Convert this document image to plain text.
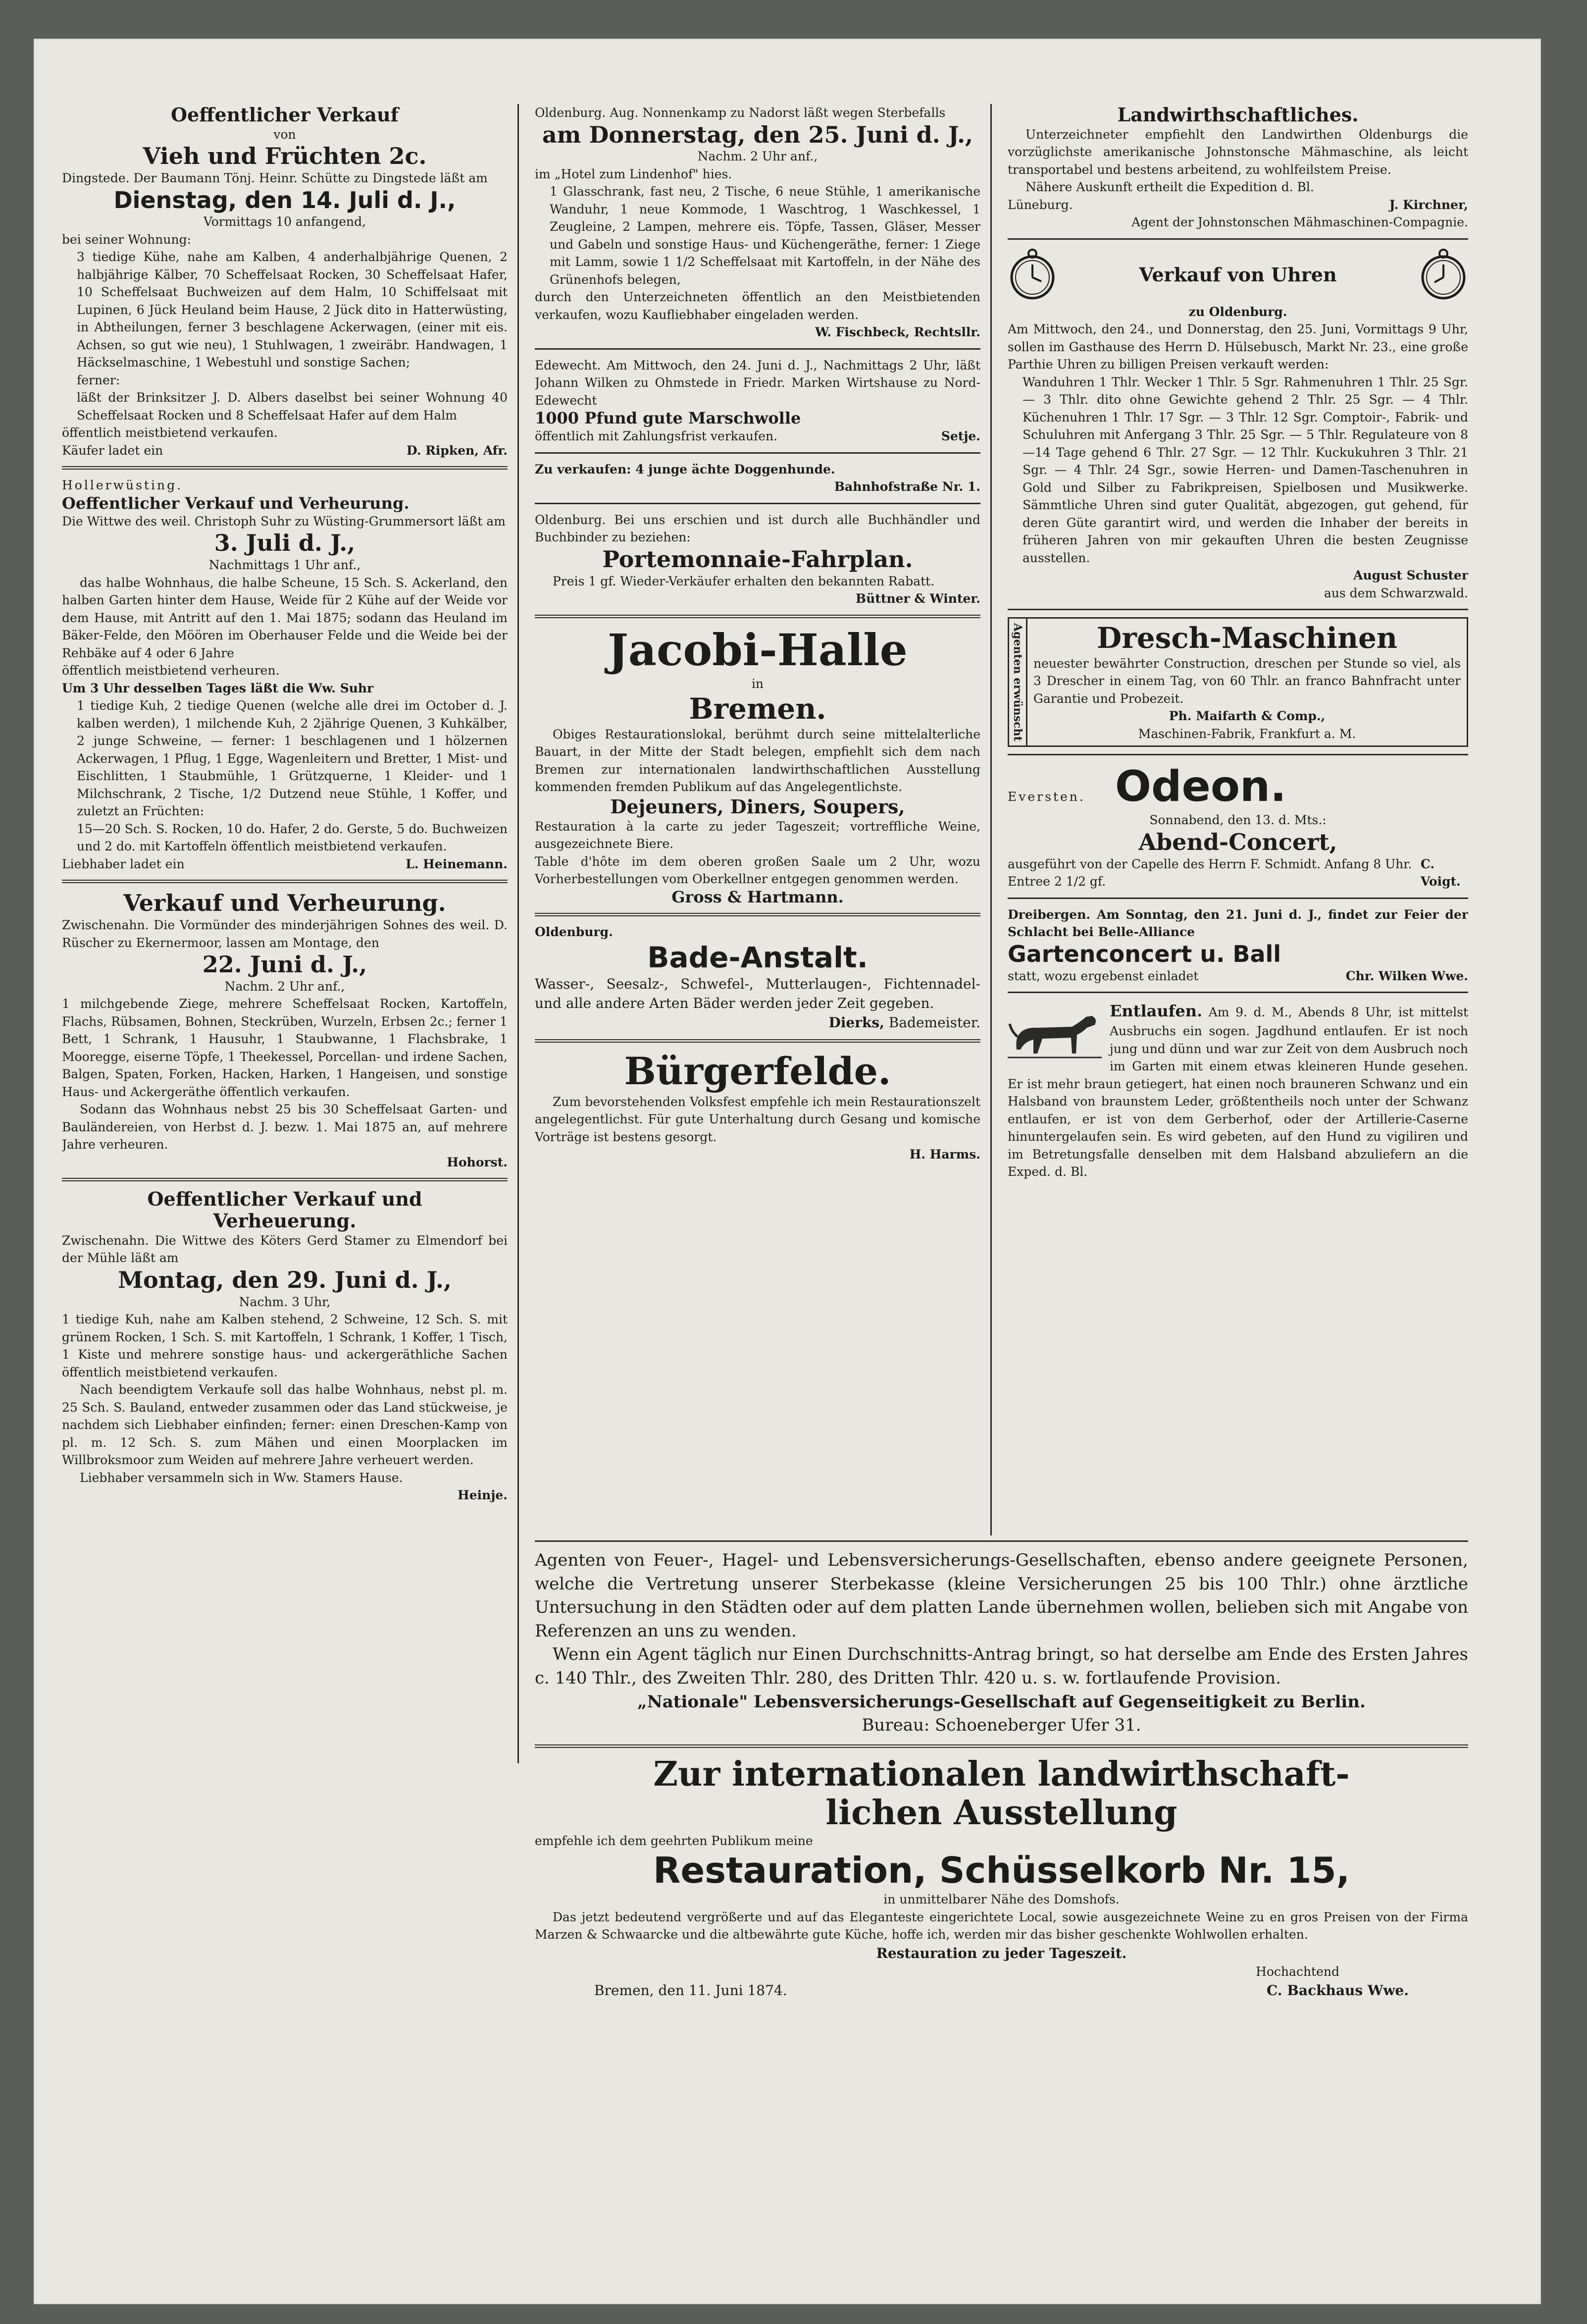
Oeffentlicher Verkauf

von

Vieh und Früchten 2c.

Dingstede. Der Baumann Tönj. Heinr. Schütte zu Dingstede läßt am

Dienstag, den 14. Juli d. J.,

Vormittags 10 anfangend,

bei seiner Wohnung:

3 tiedige Kühe, nahe am Kalben, 4 anderhalbjährige Quenen, 2 halbjährige Kälber, 70 Scheffelsaat Rocken, 30 Scheffelsaat Hafer, 10 Scheffelsaat Buchweizen auf dem Halm, 10 Schiffelsaat mit Lupinen, 6 Jück Heuland beim Hause, 2 Jück dito in Hatterwüsting, in Abtheilungen, ferner 3 beschlagene Ackerwagen, (einer mit eis. Achsen, so gut wie neu), 1 Stuhlwagen, 1 zweiräbr. Handwagen, 1 Häckselmaschine, 1 Webestuhl und sonstige Sachen;

ferner:

läßt der Brinksitzer J. D. Albers daselbst bei seiner Wohnung 40 Scheffelsaat Rocken und 8 Scheffelsaat Hafer auf dem Halm

öffentlich meistbietend verkaufen.

Käufer ladet ein	D. Ripken, Afr.

Hollerwüsting.

Oeffentlicher Verkauf und Verheurung.

Die Wittwe des weil. Christoph Suhr zu Wüsting-Grummersort läßt am

3. Juli d. J.,

Nachmittags 1 Uhr anf.,

das halbe Wohnhaus, die halbe Scheune, 15 Sch. S. Ackerland, den halben Garten hinter dem Hause, Weide für 2 Kühe auf der Weide vor dem Hause, mit Antritt auf den 1. Mai 1875; sodann das Heuland im Bäker-Felde, den Möören im Oberhauser Felde und die Weide bei der Rehbäke auf 4 oder 6 Jahre

öffentlich meistbietend verheuren.

Um 3 Uhr desselben Tages läßt die Ww. Suhr

1 tiedige Kuh, 2 tiedige Quenen (welche alle drei im October d. J. kalben werden), 1 milchende Kuh, 2 2jährige Quenen, 3 Kuhkälber, 2 junge Schweine, — ferner: 1 beschlagenen und 1 hölzernen Ackerwagen, 1 Pflug, 1 Egge, Wagenleitern und Bretter, 1 Mist- und Eischlitten, 1 Staubmühle, 1 Grützquerne, 1 Kleider- und 1 Milchschrank, 2 Tische, 1/2 Dutzend neue Stühle, 1 Koffer, und zuletzt an Früchten:

15—20 Sch. S. Rocken, 10 do. Hafer, 2 do. Gerste, 5 do. Buchweizen und 2 do. mit Kartoffeln öffentlich meistbietend verkaufen.

Liebhaber ladet ein	L. Heinemann.

Verkauf und Verheurung.

Zwischenahn. Die Vormünder des minderjährigen Sohnes des weil. D. Rüscher zu Ekernermoor, lassen am Montage, den

22. Juni d. J.,

Nachm. 2 Uhr anf.,

1 milchgebende Ziege, mehrere Scheffelsaat Rocken, Kartoffeln, Flachs, Rübsamen, Bohnen, Steckrüben, Wurzeln, Erbsen 2c.; ferner 1 Bett, 1 Schrank, 1 Hausuhr, 1 Staubwanne, 1 Flachsbrake, 1 Mooregge, eiserne Töpfe, 1 Theekessel, Porcellan- und irdene Sachen, Balgen, Spaten, Forken, Hacken, Harken, 1 Hangeisen, und sonstige Haus- und Ackergeräthe öffentlich verkaufen.

Sodann das Wohnhaus nebst 25 bis 30 Scheffelsaat Garten- und Bauländereien, von Herbst d. J. bezw. 1. Mai 1875 an, auf mehrere Jahre verheuren.

Hohorst.

Oeffentlicher Verkauf und

Verheuerung.

Zwischenahn. Die Wittwe des Köters Gerd Stamer zu Elmendorf bei der Mühle läßt am

Montag, den 29. Juni d. J.,

Nachm. 3 Uhr,

1 tiedige Kuh, nahe am Kalben stehend, 2 Schweine, 12 Sch. S. mit grünem Rocken, 1 Sch. S. mit Kartoffeln, 1 Schrank, 1 Koffer, 1 Tisch, 1 Kiste und mehrere sonstige haus- und ackergeräthliche Sachen öffentlich meistbietend verkaufen.

Nach beendigtem Verkaufe soll das halbe Wohnhaus, nebst pl. m. 25 Sch. S. Bauland, entweder zusammen oder das Land stückweise, je nachdem sich Liebhaber einfinden; ferner: einen Dreschen-Kamp von pl. m. 12 Sch. S. zum Mähen und einen Moorplacken im Willbroksmoor zum Weiden auf mehrere Jahre verheuert werden.

Liebhaber versammeln sich in Ww. Stamers Hause.

Heinje.

Oldenburg. Aug. Nonnenkamp zu Nadorst läßt wegen Sterbefalls

am Donnerstag, den 25. Juni d. J.,

Nachm. 2 Uhr anf.,

im „Hotel zum Lindenhof" hies.

1 Glasschrank, fast neu, 2 Tische, 6 neue Stühle, 1 amerikanische Wanduhr, 1 neue Kommode, 1 Waschtrog, 1 Waschkessel, 1 Zeugleine, 2 Lampen, mehrere eis. Töpfe, Tassen, Gläser, Messer und Gabeln und sonstige Haus- und Küchengeräthe, ferner: 1 Ziege mit Lamm, sowie 1 1/2 Scheffelsaat mit Kartoffeln, in der Nähe des Grünenhofs belegen,

durch den Unterzeichneten öffentlich an den Meistbietenden verkaufen, wozu Kaufliebhaber eingeladen werden.

W. Fischbeck, Rechtsllr.

Edewecht. Am Mittwoch, den 24. Juni d. J., Nachmittags 2 Uhr, läßt Johann Wilken zu Ohmstede in Friedr. Marken Wirtshause zu Nord-Edewecht

1000 Pfund gute Marschwolle

öffentlich mit Zahlungsfrist verkaufen.	Setje.

Zu verkaufen: 4 junge ächte Doggenhunde.

Bahnhofstraße Nr. 1.

Oldenburg. Bei uns erschien und ist durch alle Buchhändler und Buchbinder zu beziehen:

Portemonnaie-Fahrplan.

Preis 1 gf. Wieder-Verkäufer erhalten den bekannten Rabatt.

Büttner & Winter.

Jacobi-Halle

in

Bremen.

Obiges Restaurationslokal, berühmt durch seine mittelalterliche Bauart, in der Mitte der Stadt belegen, empfiehlt sich dem nach Bremen zur internationalen landwirthschaftlichen Ausstellung kommenden fremden Publikum auf das Angelegentlichste.

Dejeuners, Diners, Soupers,

Restauration à la carte zu jeder Tageszeit; vortreffliche Weine, ausgezeichnete Biere.

Table d'hôte im dem oberen großen Saale um 2 Uhr, wozu Vorherbestellungen vom Oberkellner entgegen genommen werden.

Gross & Hartmann.

Oldenburg.

Bade-Anstalt.

Wasser-, Seesalz-, Schwefel-, Mutterlaugen-, Fichtennadel- und alle andere Arten Bäder werden jeder Zeit gegeben.

Dierks, Bademeister.

Bürgerfelde.

Zum bevorstehenden Volksfest empfehle ich mein Restaurationszelt angelegentlichst. Für gute Unterhaltung durch Gesang und komische Vorträge ist bestens gesorgt.

H. Harms.

Landwirthschaftliches.

Unterzeichneter empfiehlt den Landwirthen Oldenburgs die vorzüglichste amerikanische Johnstonsche Mähmaschine, als leicht transportabel und bestens arbeitend, zu wohlfeilstem Preise.

Nähere Auskunft ertheilt die Expedition d. Bl.

Lüneburg.	J. Kirchner,

Agent der Johnstonschen Mähmaschinen-Compagnie.

Verkauf von Uhren

zu Oldenburg.

Am Mittwoch, den 24., und Donnerstag, den 25. Juni, Vormittags 9 Uhr, sollen im Gasthause des Herrn D. Hülsebusch, Markt Nr. 23., eine große Parthie Uhren zu billigen Preisen verkauft werden:

Wanduhren 1 Thlr. Wecker 1 Thlr. 5 Sgr. Rahmenuhren 1 Thlr. 25 Sgr. — 3 Thlr. dito ohne Gewichte gehend 2 Thlr. 25 Sgr. — 4 Thlr. Küchenuhren 1 Thlr. 17 Sgr. — 3 Thlr. 12 Sgr. Comptoir-, Fabrik- und Schuluhren mit Anfergang 3 Thlr. 25 Sgr. — 5 Thlr. Regulateure von 8—14 Tage gehend 6 Thlr. 27 Sgr. — 12 Thlr. Kuckukuhren 3 Thlr. 21 Sgr. — 4 Thlr. 24 Sgr., sowie Herren- und Damen-Taschenuhren in Gold und Silber zu Fabrikpreisen, Spielbosen und Musikwerke. Sämmtliche Uhren sind guter Qualität, abgezogen, gut gehend, für deren Güte garantirt wird, und werden die Inhaber der bereits in früheren Jahren von mir gekauften Uhren die besten Zeugnisse ausstellen.

August Schuster

aus dem Schwarzwald.

Agenten erwünscht	Dresch-Maschinen

neuester bewährter Construction, dreschen per Stunde so viel, als 3 Drescher in einem Tag, von 60 Thlr. an franco Bahnfracht unter Garantie und Probezeit.

Ph. Maifarth & Comp.,

Maschinen-Fabrik, Frankfurt a. M.

Eversten. Odeon.

Sonnabend, den 13. d. Mts.:

Abend-Concert,

ausgeführt von der Capelle des Herrn F. Schmidt. Anfang 8 Uhr. Entree 2 1/2 gf.
C. Voigt.

Dreibergen. Am Sonntag, den 21. Juni d. J., findet zur Feier der Schlacht bei Belle-Alliance

Gartenconcert u. Ball

statt, wozu ergebenst einladet	Chr. Wilken Wwe.

Entlaufen. Am 9. d. M., Abends 8 Uhr, ist mittelst Ausbruchs ein sogen. Jagdhund entlaufen. Er ist noch jung und dünn und war zur Zeit von dem Ausbruch noch im Garten mit einem etwas kleineren Hunde gesehen. Er ist mehr braun getiegert, hat einen noch brauneren Schwanz und ein Halsband von braunstem Leder, größtentheils noch unter der Schwanz entlaufen, er ist von dem Gerberhof, oder der Artillerie-Caserne hinuntergelaufen sein. Es wird gebeten, auf den Hund zu vigiliren und im Betretungsfalle denselben mit dem Halsband abzuliefern an die Exped. d. Bl.

Agenten von Feuer-, Hagel- und Lebensversicherungs-Gesellschaften, ebenso andere geeignete Personen, welche die Vertretung unserer Sterbekasse (kleine Versicherungen 25 bis 100 Thlr.) ohne ärztliche Untersuchung in den Städten oder auf dem platten Lande übernehmen wollen, belieben sich mit Angabe von Referenzen an uns zu wenden.

Wenn ein Agent täglich nur Einen Durchschnitts-Antrag bringt, so hat derselbe am Ende des Ersten Jahres c. 140 Thlr., des Zweiten Thlr. 280, des Dritten Thlr. 420 u. s. w. fortlaufende Provision.

„Nationale" Lebensversicherungs-Gesellschaft auf Gegenseitigkeit zu Berlin.

Bureau: Schoeneberger Ufer 31.

Zur internationalen landwirthschaft-

lichen Ausstellung

empfehle ich dem geehrten Publikum meine

Restauration, Schüsselkorb Nr. 15,

in unmittelbarer Nähe des Domshofs.

Das jetzt bedeutend vergrößerte und auf das Eleganteste eingerichtete Local, sowie ausgezeichnete Weine zu en gros Preisen von der Firma Marzen & Schwaarcke und die altbewährte gute Küche, hoffe ich, werden mir das bisher geschenkte Wohlwollen erhalten.

Restauration zu jeder Tageszeit.

Hochachtend

Bremen, den 11. Juni 1874.	C. Backhaus Wwe.
